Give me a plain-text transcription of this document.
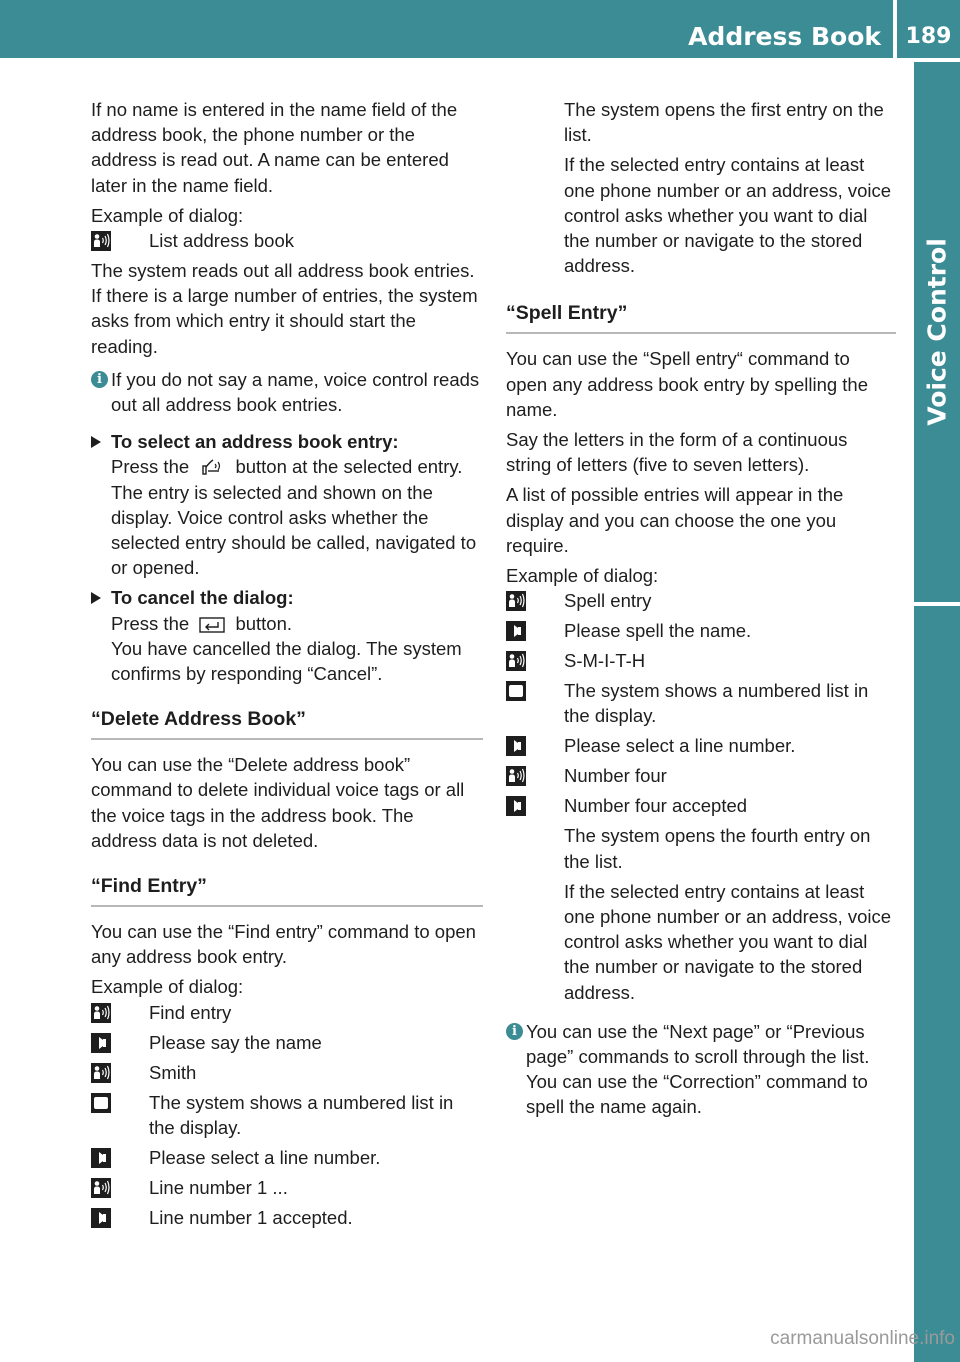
Address Book	189
Voice Control

If no name is entered in the name field of the address book, the phone number or the address is read out. A name can be entered later in the name field.

Example of dialog:

List address book

The system reads out all address book entries. If there is a large number of entries, the system asks from which entry it should start the reading.

i If you do not say a name, voice control reads out all address book entries.
To select an address book entry:
Press the	button at the selected entry.
The entry is selected and shown on the display. Voice control asks whether the selected entry should be called, navigated to or opened.
To cancel the dialog:
Press the	button.
You have cancelled the dialog. The system confirms by responding “Cancel”.
“Delete Address Book”

You can use the “Delete address book” command to delete individual voice tags or all the voice tags in the address book. The address data is not deleted.

“Find Entry”

You can use the “Find entry” command to open any address book entry.

Example of dialog:

Find entry
Please say the name
Smith
The system shows a numbered list in the display.
Please select a line number.
Line number 1 ...
Line number 1 accepted.

The system opens the first entry on the list.

If the selected entry contains at least one phone number or an address, voice control asks whether you want to dial the number or navigate to the stored address.

“Spell Entry”

You can use the “Spell entry“ command to open any address book entry by spelling the name.

Say the letters in the form of a continuous string of letters (five to seven letters).

A list of possible entries will appear in the display and you can choose the one you require.

Example of dialog:

Spell entry
Please spell the name.
S-M-I-T-H
The system shows a numbered list in the display.
Please select a line number.
Number four
Number four accepted

The system opens the fourth entry on the list.

If the selected entry contains at least one phone number or an address, voice control asks whether you want to dial the number or navigate to the stored address.

i You can use the “Next page” or “Previous page” commands to scroll through the list. You can use the “Correction” command to spell the name again.
carmanualsonline.info
